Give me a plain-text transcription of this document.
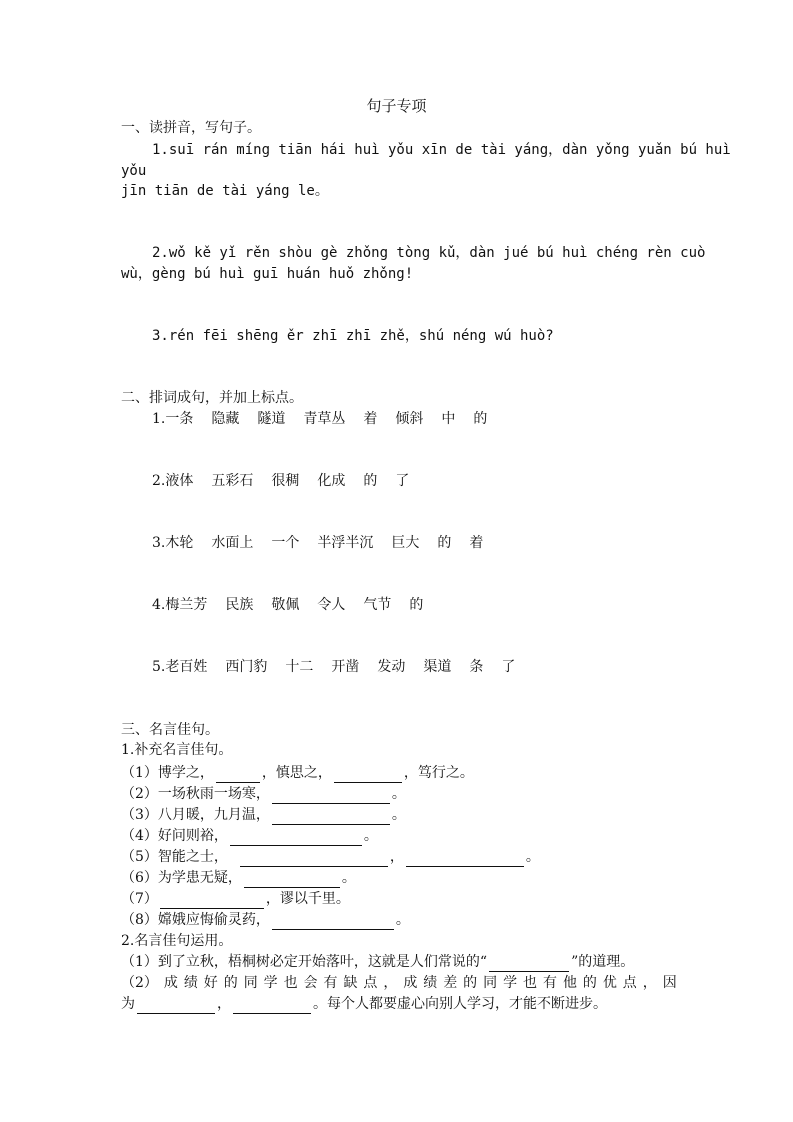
句子专项
一、读拼音，写句子。
1.suī rán míng tiān hái huì yǒu xīn de tài yáng，dàn yǒng yuǎn bú huì
yǒu
jīn tiān de tài yáng le。
2.wǒ kě yǐ rěn shòu gè zhǒng tòng kǔ，dàn jué bú huì chéng rèn cuò
wù，gèng bú huì guī huán huǒ zhǒng!
3.rén fēi shēng ěr zhī zhī zhě，shú néng wú huò?
二、排词成句，并加上标点。
1.一条 隐藏 隧道 青草丛 着 倾斜 中 的
2.液体 五彩石 很稠 化成 的 了
3.木轮 水面上 一个 半浮半沉 巨大 的 着
4.梅兰芳 民族 敬佩 令人 气节 的
5.老百姓 西门豹 十二 开凿 发动 渠道 条 了
三、名言佳句。
1.补充名言佳句。
（1）博学之，	，慎思之，	，笃行之。
（2）一场秋雨一场寒，	。
（3）八月暖，九月温，	。
（4）好问则裕，	。
（5）智能之士，	，	。
（6）为学患无疑，	。
（7）	，谬以千里。
（8）嫦娥应悔偷灵药，	。
2.名言佳句运用。
（1）到了立秋，梧桐树必定开始落叶，这就是人们常说的“	”的道理。
（2） 成 绩 好 的 同 学 也 会 有 缺 点 ， 成 绩 差 的 同 学 也 有 他 的 优 点 ， 因
为	，	。每个人都要虚心向别人学习，才能不断进步。
